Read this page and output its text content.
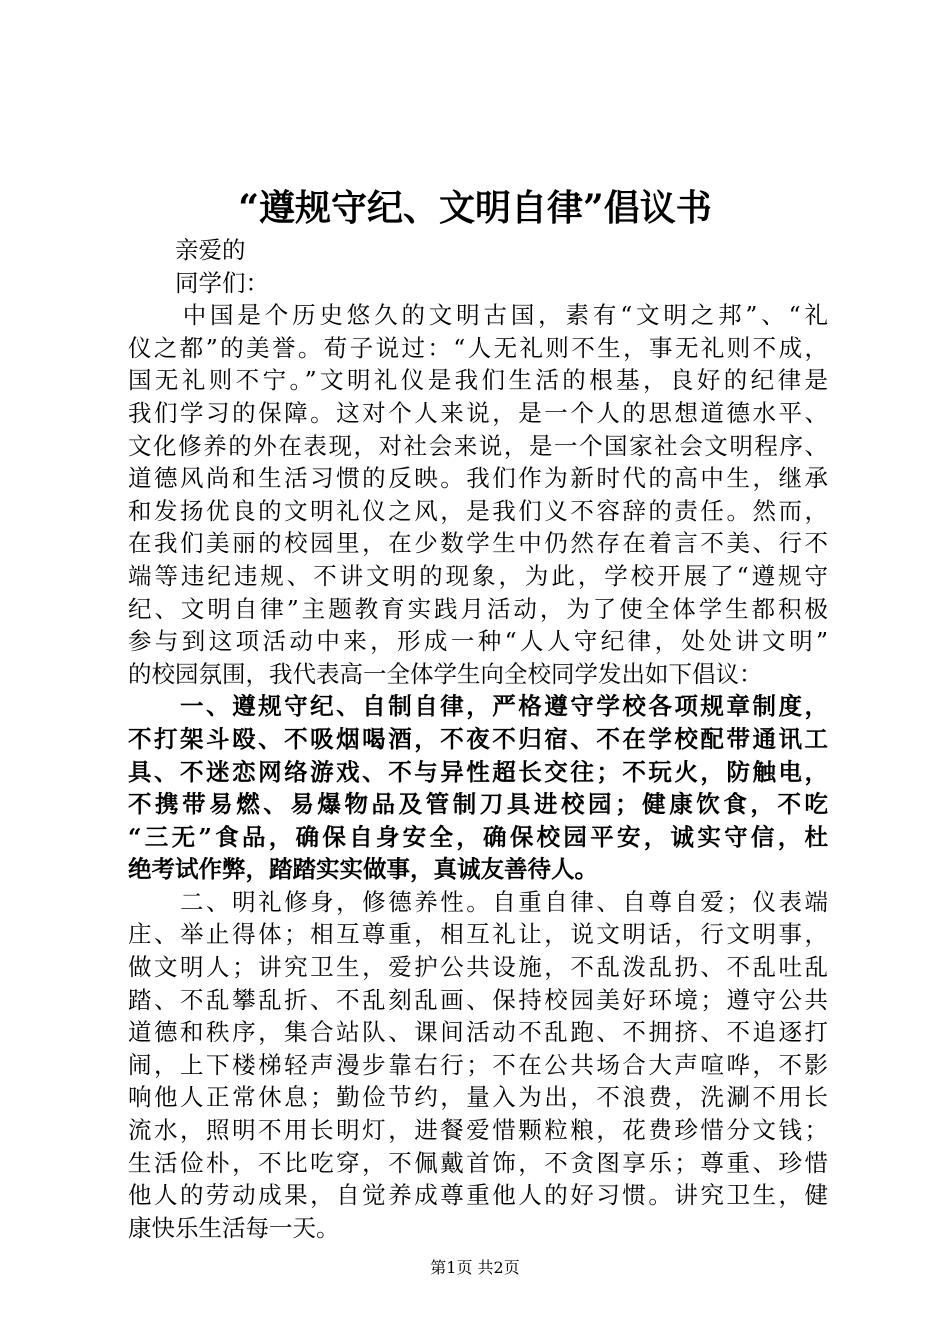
“遵规守纪、文明自律”倡议书
　　亲爱的
　　同学们：
　　中国是个历史悠久的文明古国，素有“文明之邦”、“礼
仪之都”的美誉。荀子说过：“人无礼则不生，事无礼则不成，
国无礼则不宁。”文明礼仪是我们生活的根基，良好的纪律是
我们学习的保障。这对个人来说，是一个人的思想道德水平、
文化修养的外在表现，对社会来说，是一个国家社会文明程序、
道德风尚和生活习惯的反映。我们作为新时代的高中生，继承
和发扬优良的文明礼仪之风，是我们义不容辞的责任。然而，
在我们美丽的校园里，在少数学生中仍然存在着言不美、行不
端等违纪违规、不讲文明的现象，为此，学校开展了“遵规守
纪、文明自律”主题教育实践月活动，为了使全体学生都积极
参与到这项活动中来，形成一种“人人守纪律，处处讲文明”
的校园氛围，我代表高一全体学生向全校同学发出如下倡议：
　　一、遵规守纪、自制自律，严格遵守学校各项规章制度，
不打架斗殴、不吸烟喝酒，不夜不归宿、不在学校配带通讯工
具、不迷恋网络游戏、不与异性超长交往；不玩火，防触电，
不携带易燃、易爆物品及管制刀具进校园；健康饮食，不吃
“三无”食品，确保自身安全，确保校园平安，诚实守信，杜
绝考试作弊，踏踏实实做事，真诚友善待人。
　　二、明礼修身，修德养性。自重自律、自尊自爱；仪表端
庄、举止得体；相互尊重，相互礼让，说文明话，行文明事，
做文明人；讲究卫生，爱护公共设施，不乱泼乱扔、不乱吐乱
踏、不乱攀乱折、不乱刻乱画、保持校园美好环境；遵守公共
道德和秩序，集合站队、课间活动不乱跑、不拥挤、不追逐打
闹，上下楼梯轻声漫步靠右行；不在公共场合大声喧哗，不影
响他人正常休息；勤俭节约，量入为出，不浪费，洗涮不用长
流水，照明不用长明灯，进餐爱惜颗粒粮，花费珍惜分文钱；
生活俭朴，不比吃穿，不佩戴首饰，不贪图享乐；尊重、珍惜
他人的劳动成果，自觉养成尊重他人的好习惯。讲究卫生，健
康快乐生活每一天。
第1页 共2页
